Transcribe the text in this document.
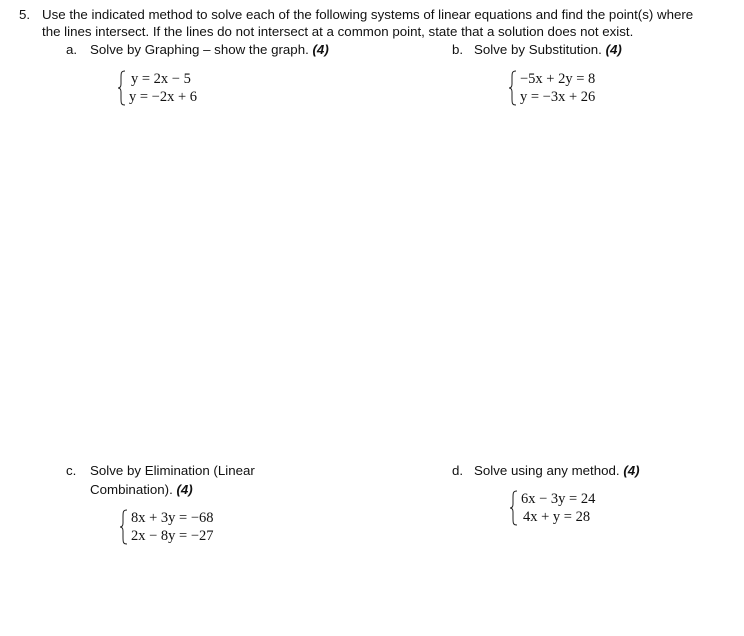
5. Use the indicated method to solve each of the following systems of linear equations and find the point(s) where
the lines intersect. If the lines do not intersect at a common point, state that a solution does not exist.
a. Solve by Graphing – show the graph. (4)
y = 2x − 5
y = −2x + 6
b. Solve by Substitution. (4)
−5x + 2y = 8
y = −3x + 26
c. Solve by Elimination (Linear
Combination). (4)
8x + 3y = −68
2x − 8y = −27
d. Solve using any method. (4)
6x − 3y = 24
4x + y = 28
